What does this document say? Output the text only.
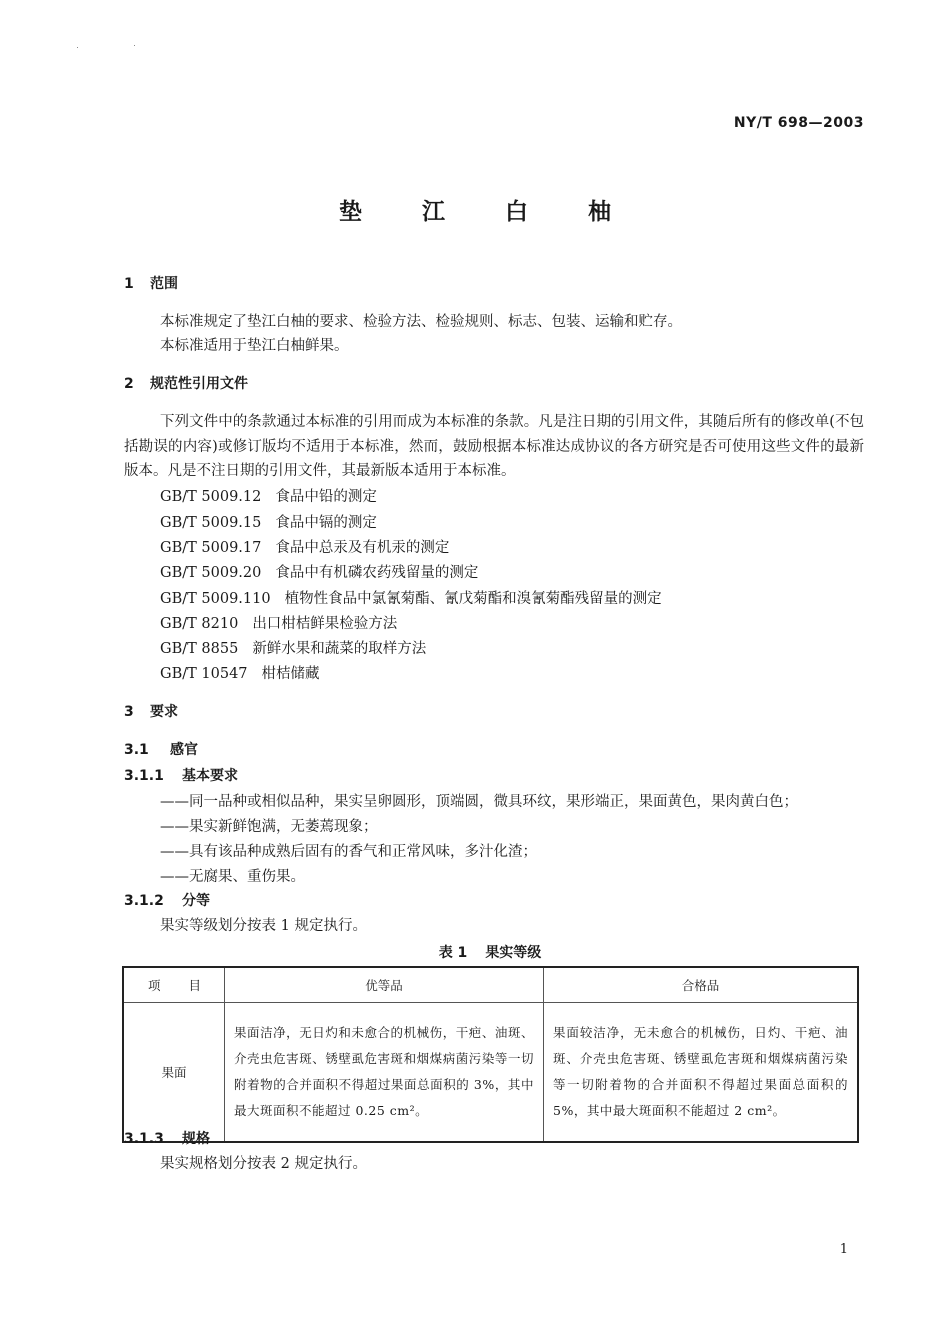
NY/T 698—2003
垫 江 白 柚
1 范围
本标准规定了垫江白柚的要求、检验方法、检验规则、标志、包装、运输和贮存。
本标准适用于垫江白柚鲜果。
2 规范性引用文件
下列文件中的条款通过本标准的引用而成为本标准的条款。凡是注日期的引用文件，其随后所有的修改单(不包括勘误的内容)或修订版均不适用于本标准，然而，鼓励根据本标准达成协议的各方研究是否可使用这些文件的最新版本。凡是不注日期的引用文件，其最新版本适用于本标准。
GB/T 5009.12 食品中铅的测定
GB/T 5009.15 食品中镉的测定
GB/T 5009.17 食品中总汞及有机汞的测定
GB/T 5009.20 食品中有机磷农药残留量的测定
GB/T 5009.110 植物性食品中氯氰菊酯、氰戊菊酯和溴氰菊酯残留量的测定
GB/T 8210 出口柑桔鲜果检验方法
GB/T 8855 新鲜水果和蔬菜的取样方法
GB/T 10547 柑桔储藏
3 要求
3.1 感官
3.1.1 基本要求
——同一品种或相似品种，果实呈卵圆形，顶端圆，微具环纹，果形端正，果面黄色，果肉黄白色；
——果实新鲜饱满，无萎蔫现象；
——具有该品种成熟后固有的香气和正常风味，多汁化渣；
——无腐果、重伤果。
3.1.2 分等
果实等级划分按表 1 规定执行。
表 1 果实等级
项 目	优等品	合格品
果面	果面洁净，无日灼和未愈合的机械伤，干疤、油斑、介壳虫危害斑、锈壁虱危害斑和烟煤病菌污染等一切附着物的合并面积不得超过果面总面积的 3%，其中最大斑面积不能超过 0.25 cm²。	果面较洁净，无未愈合的机械伤，日灼、干疤、油斑、介壳虫危害斑、锈壁虱危害斑和烟煤病菌污染等一切附着物的合并面积不得超过果面总面积的 5%，其中最大斑面积不能超过 2 cm²。
3.1.3 规格
果实规格划分按表 2 规定执行。
1
